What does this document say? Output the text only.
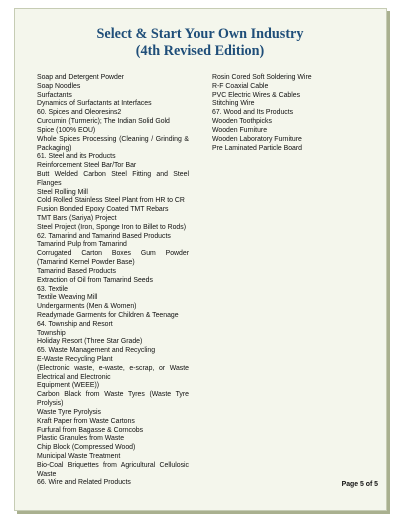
Select & Start Your Own Industry
(4th Revised Edition)
Soap and Detergent Powder
Soap Noodles
Surfactants
Dynamics of Surfactants at Interfaces
60. Spices and Oleoresins2
Curcumin (Turmeric); The Indian Solid Gold
Spice (100% EOU)
Whole Spices Processing (Cleaning / Grinding & Packaging)
61. Steel and its Products
Reinforcement Steel Bar/Tor Bar
Butt Welded Carbon Steel Fitting and Steel Flanges
Steel Rolling Mill
Cold Rolled Stainless Steel Plant from HR to CR
Fusion Bonded Epoxy Coated TMT Rebars
TMT Bars (Sariya) Project
Steel Project (Iron, Sponge Iron to Billet to Rods)
62. Tamarind and Tamarind Based Products
Tamarind Pulp from Tamarind
Corrugated Carton Boxes Gum Powder (Tamarind Kernel Powder Base)
Tamarind Based Products
Extraction of Oil from Tamarind Seeds
63. Textile
Textile Weaving Mill
Undergarments (Men & Women)
Readymade Garments for Children & Teenage
64. Township and Resort
Township
Holiday Resort (Three Star Grade)
65. Waste Management and Recycling
E-Waste Recycling Plant
(Electronic waste, e-waste, e-scrap, or Waste Electrical and Electronic
Equipment (WEEE))
Carbon Black from Waste Tyres (Waste Tyre Prolysis)
Waste Tyre Pyrolysis
Kraft Paper from Waste Cartons
Furfural from Bagasse & Corncobs
Plastic Granules from Waste
Chip Block (Compressed Wood)
Municipal Waste Treatment
Bio-Coal Briquettes from Agricultural Cellulosic Waste
66. Wire and Related Products
Rosin Cored Soft Soldering Wire
R-F Coaxial Cable
PVC Electric Wires & Cables
Stitching Wire
67. Wood and Its Products
Wooden Toothpicks
Wooden Furniture
Wooden Laboratory Furniture
Pre Laminated Particle Board
Page 5 of 5
